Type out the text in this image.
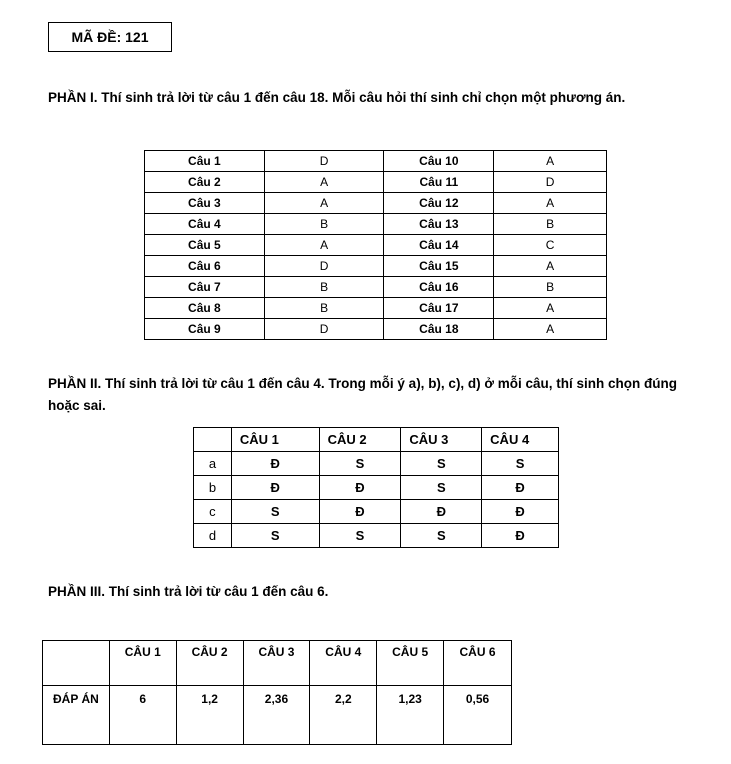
MÃ ĐỀ: 121

PHẦN I. Thí sinh trả lời từ câu 1 đến câu 18. Mỗi câu hỏi thí sinh chỉ chọn một phương án.

Câu 1	D	Câu 10	A
Câu 2	A	Câu 11	D
Câu 3	A	Câu 12	A
Câu 4	B	Câu 13	B
Câu 5	A	Câu 14	C
Câu 6	D	Câu 15	A
Câu 7	B	Câu 16	B
Câu 8	B	Câu 17	A
Câu 9	D	Câu 18	A

PHẦN II. Thí sinh trả lời từ câu 1 đến câu 4. Trong mỗi ý a), b), c), d) ở mỗi câu, thí sinh chọn đúng hoặc sai.

	CÂU 1	CÂU 2	CÂU 3	CÂU 4
a	Đ	S	S	S
b	Đ	Đ	S	Đ
c	S	Đ	Đ	Đ
d	S	S	S	Đ

PHẦN III. Thí sinh trả lời từ câu 1 đến câu 6.

	CÂU 1	CÂU 2	CÂU 3	CÂU 4	CÂU 5	CÂU 6
ĐÁP ÁN	6	1,2	2,36	2,2	1,23	0,56
